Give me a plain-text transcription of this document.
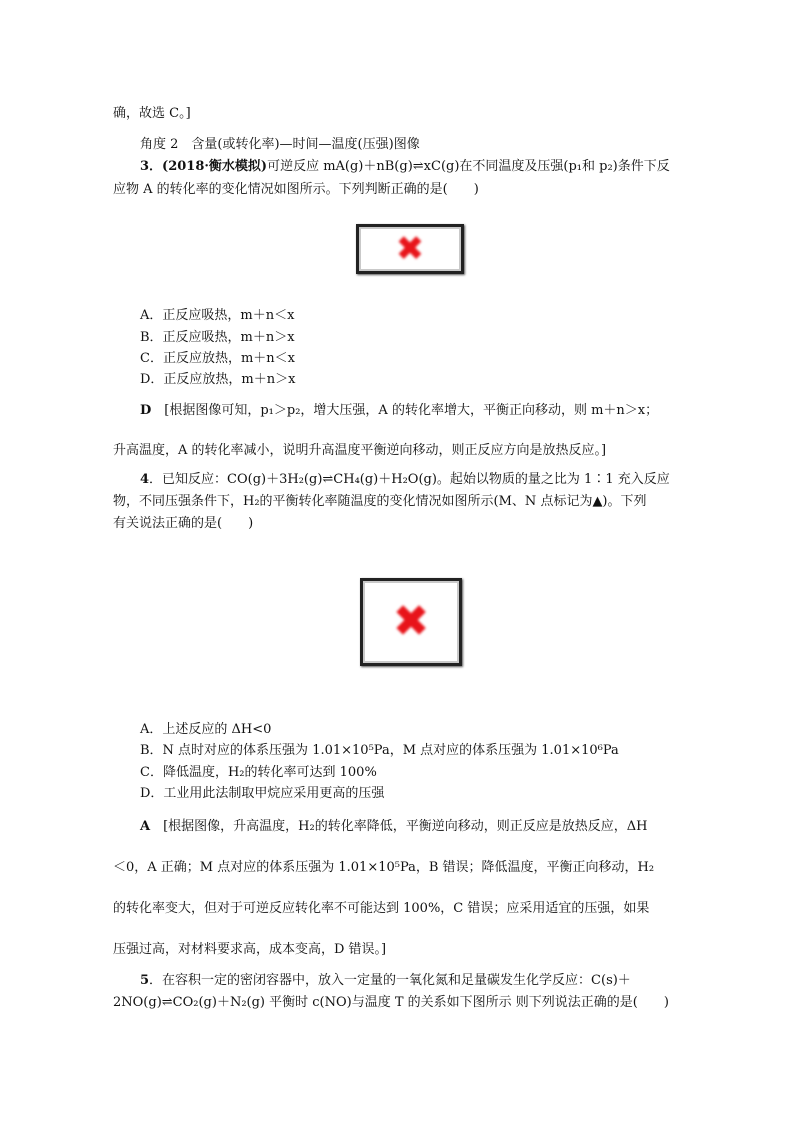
确，故选 C。]
角度 2　含量(或转化率)—时间—温度(压强)图像
3．(2018·衡水模拟)可逆反应 mA(g)＋nB(g)⇌xC(g)在不同温度及压强(p₁和 p₂)条件下反
应物 A 的转化率的变化情况如图所示。下列判断正确的是(　　)
✖
A．正反应吸热，m＋n＜x
B．正反应吸热，m＋n＞x
C．正反应放热，m＋n＜x
D．正反应放热，m＋n＞x
D　[根据图像可知，p₁＞p₂，增大压强，A 的转化率增大，平衡正向移动，则 m＋n＞x；
升高温度，A 的转化率减小，说明升高温度平衡逆向移动，则正反应方向是放热反应。]
4．已知反应：CO(g)＋3H₂(g)⇌CH₄(g)＋H₂O(g)。起始以物质的量之比为 1∶1 充入反应
物，不同压强条件下，H₂的平衡转化率随温度的变化情况如图所示(M、N 点标记为▲)。下列
有关说法正确的是(　　)
✖
A．上述反应的 ΔH<0
B．N 点时对应的体系压强为 1.01×10⁵Pa，M 点对应的体系压强为 1.01×10⁶Pa
C．降低温度，H₂的转化率可达到 100%
D．工业用此法制取甲烷应采用更高的压强
A　[根据图像，升高温度，H₂的转化率降低，平衡逆向移动，则正反应是放热反应，ΔH
＜0，A 正确；M 点对应的体系压强为 1.01×10⁵Pa，B 错误；降低温度，平衡正向移动，H₂
的转化率变大，但对于可逆反应转化率不可能达到 100%，C 错误；应采用适宜的压强，如果
压强过高，对材料要求高，成本变高，D 错误。]
5．在容积一定的密闭容器中，放入一定量的一氧化氮和足量碳发生化学反应：C(s)＋
2NO(g)⇌CO₂(g)＋N₂(g) 平衡时 c(NO)与温度 T 的关系如下图所示 则下列说法正确的是(　　)
